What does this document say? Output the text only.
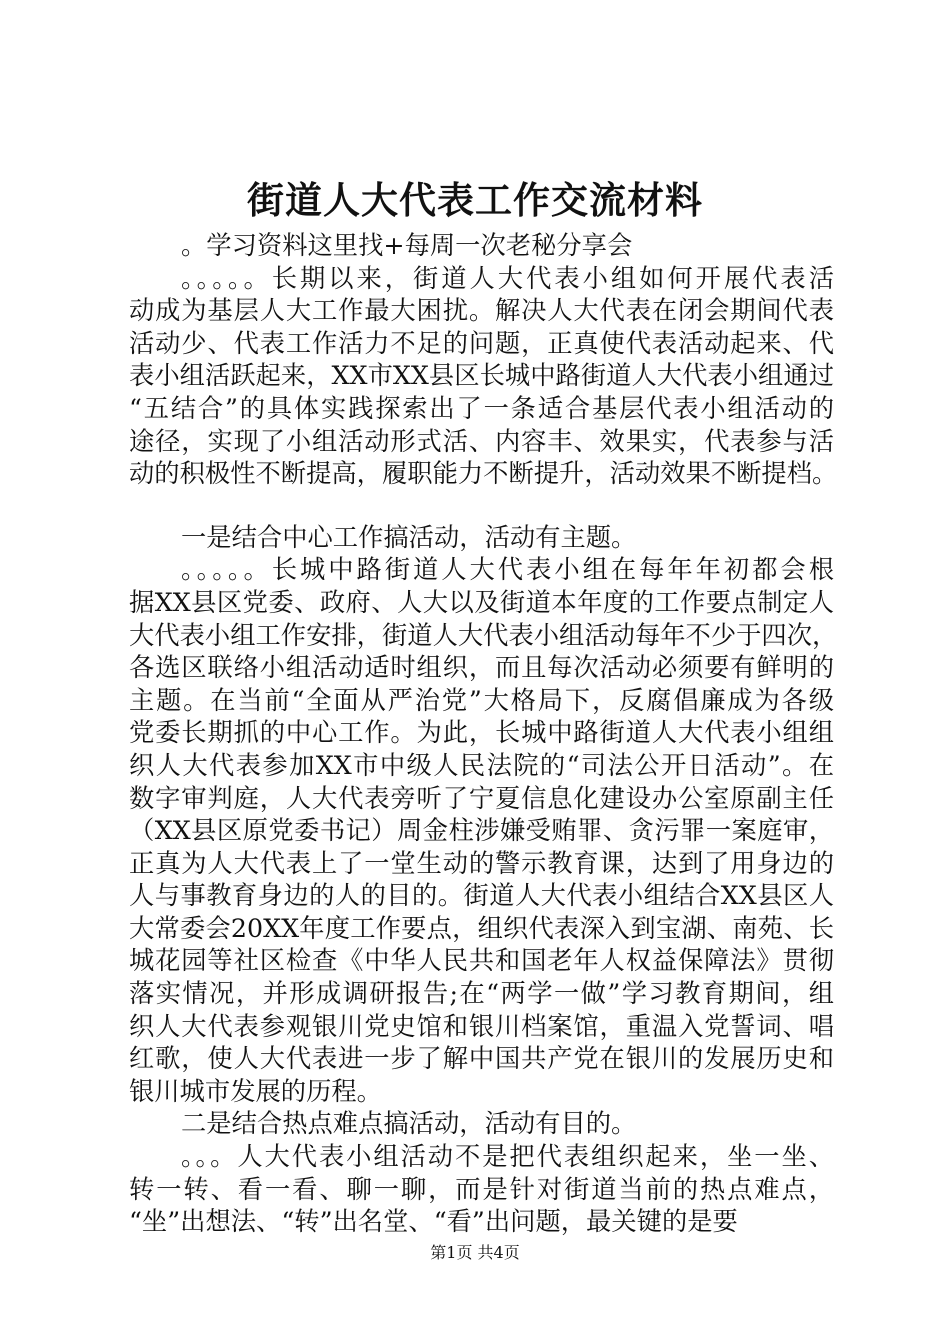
街道人大代表工作交流材料
。学习资料这里找+每周一次老秘分享会
。。。。。长期以来，街道人大代表小组如何开展代表活
动成为基层人大工作最大困扰。解决人大代表在闭会期间代表
活动少、代表工作活力不足的问题，正真使代表活动起来、代
表小组活跃起来，XX市XX县区长城中路街道人大代表小组通过
“五结合”的具体实践探索出了一条适合基层代表小组活动的
途径，实现了小组活动形式活、内容丰、效果实，代表参与活
动的积极性不断提高，履职能力不断提升，活动效果不断提档。
一是结合中心工作搞活动，活动有主题。
。。。。。长城中路街道人大代表小组在每年年初都会根
据XX县区党委、政府、人大以及街道本年度的工作要点制定人
大代表小组工作安排，街道人大代表小组活动每年不少于四次，
各选区联络小组活动适时组织，而且每次活动必须要有鲜明的
主题。在当前“全面从严治党”大格局下，反腐倡廉成为各级
党委长期抓的中心工作。为此，长城中路街道人大代表小组组
织人大代表参加XX市中级人民法院的“司法公开日活动”。在
数字审判庭，人大代表旁听了宁夏信息化建设办公室原副主任
（XX县区原党委书记）周金柱涉嫌受贿罪、贪污罪一案庭审，
正真为人大代表上了一堂生动的警示教育课，达到了用身边的
人与事教育身边的人的目的。街道人大代表小组结合XX县区人
大常委会20XX年度工作要点，组织代表深入到宝湖、南苑、长
城花园等社区检查《中华人民共和国老年人权益保障法》贯彻
落实情况，并形成调研报告;在“两学一做”学习教育期间，组
织人大代表参观银川党史馆和银川档案馆，重温入党誓词、唱
红歌，使人大代表进一步了解中国共产党在银川的发展历史和
银川城市发展的历程。
二是结合热点难点搞活动，活动有目的。
。。。人大代表小组活动不是把代表组织起来，坐一坐、
转一转、看一看、聊一聊，而是针对街道当前的热点难点，
“坐”出想法、“转”出名堂、“看”出问题，最关键的是要
第1页 共4页
